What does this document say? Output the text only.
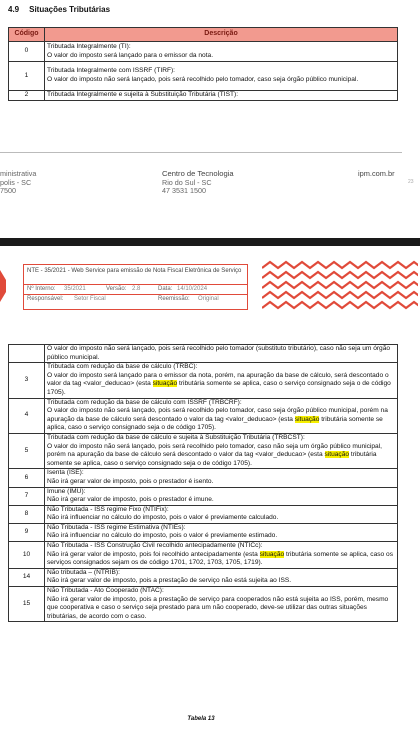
4.9 Situações Tributárias
Código	Descrição
0	Tributada Integralmente (TI):
O valor do imposto será lançado para o emissor da nota.

1	Tributada Integralmente com ISSRF (TIRF):
O valor do imposto não será lançado, pois será recolhido pelo tomador, caso seja órgão público municipal.

2	Tributada Integralmente e sujeita à Substituição Tributária (TIST):
ministrativa
polis - SC
7500
Centro de Tecnologia
Rio do Sul - SC
47 3531 1500
ipm.com.br
23
NTE - 35/2021 - Web Service para emissão de Nota Fiscal Eletrônica de Serviço
Nº Interno: 35/2021	Versão: 2.8	Data: 14/10/2024
Responsável: Setor Fiscal	Reemissão: Original
	O valor do imposto não será lançado, pois será recolhido pelo tomador (substituto tributário), caso não seja um órgão público municipal.
3	Tributada com redução da base de cálculo (TRBC):
O valor do imposto será lançado para o emissor da nota, porém, na apuração da base de cálculo, será descontado o valor da tag <valor_deducao> (esta situação tributária somente se aplica, caso o serviço consignado seja o de código 1705).
4	Tributada com redução da base de cálculo com ISSRF (TRBCRF):
O valor do imposto não será lançado, pois será recolhido pelo tomador, caso seja órgão público municipal, porém na apuração da base de cálculo será descontado o valor da tag <valor_deducao> (esta situação tributária somente se aplica, caso o serviço consignado seja o de código 1705).
5	Tributada com redução da base de cálculo e sujeita à Substituição Tributária (TRBCST):
O valor do imposto não será lançado, pois será recolhido pelo tomador, caso não seja um órgão público municipal, porém na apuração da base de cálculo será descontado o valor da tag <valor_deducao> (esta situação tributária somente se aplica, caso o serviço consignado seja o de código 1705).
6	Isenta (ISE):
Não irá gerar valor de imposto, pois o prestador é isento.
7	Imune (IMU):
Não irá gerar valor de imposto, pois o prestador é imune.
8	Não Tributada - ISS regime Fixo (NTIFix):
Não irá influenciar no cálculo do imposto, pois o valor é previamente calculado.
9	Não Tributada - ISS regime Estimativa (NTIEs):
Não irá influenciar no cálculo do imposto, pois o valor é previamente estimado.
10	Não Tributada - ISS Construção Civil recolhido antecipadamente (NTICc):
Não irá gerar valor de imposto, pois foi recolhido antecipadamente (esta situação tributária somente se aplica, caso os serviços consignados sejam os de código 1701, 1702, 1703, 1705, 1719).
14	Não tributada – (NTRIB):
Não irá gerar valor de imposto, pois a prestação de serviço não está sujeita ao ISS.
15	Não Tributada - Ato Cooperado (NTAC):
Não irá gerar valor de imposto, pois a prestação de serviço para cooperados não está sujeita ao ISS, porém, mesmo que cooperativa e caso o serviço seja prestado para um não cooperado, deve-se utilizar das outras situações tributárias, de acordo com o caso.
Tabela 13
